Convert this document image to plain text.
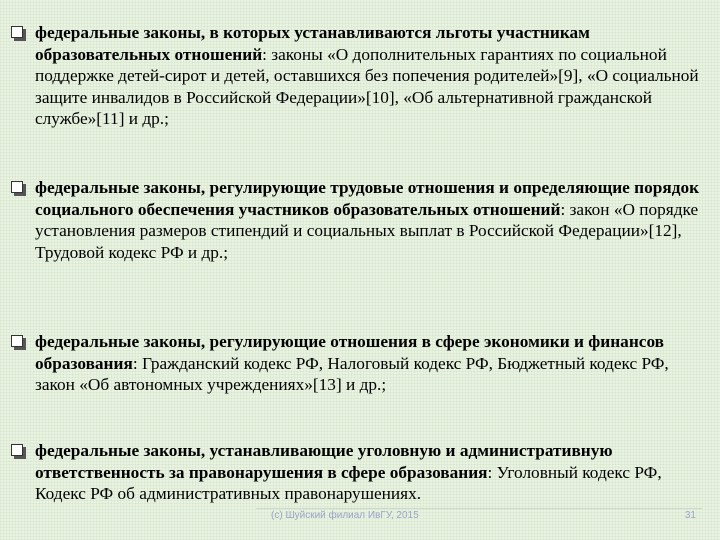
федеральные законы, в которых устанавливаются льготы участникам образовательных отношений: законы «О дополнительных гарантиях по социальной поддержке детей-сирот и детей, оставшихся без попечения родителей»[9], «О социальной защите инвалидов в Российской Федерации»[10], «Об альтернативной гражданской службе»[11] и др.;
федеральные законы, регулирующие трудовые отношения и определяющие порядок социального обеспечения участников образовательных отношений: закон «О порядке установления размеров стипендий и социальных выплат в Российской Федерации»[12], Трудовой кодекс РФ и др.;
федеральные законы, регулирующие отношения в сфере экономики и финансов образования: Гражданский кодекс РФ, Налоговый кодекс РФ, Бюджетный кодекс РФ, закон «Об автономных учреждениях»[13] и др.;
федеральные законы, устанавливающие уголовную и административную ответственность за правонарушения в сфере образования: Уголовный кодекс РФ, Кодекс РФ об административных правонарушениях.
(c) Шуйский филиал ИвГУ, 2015	31
